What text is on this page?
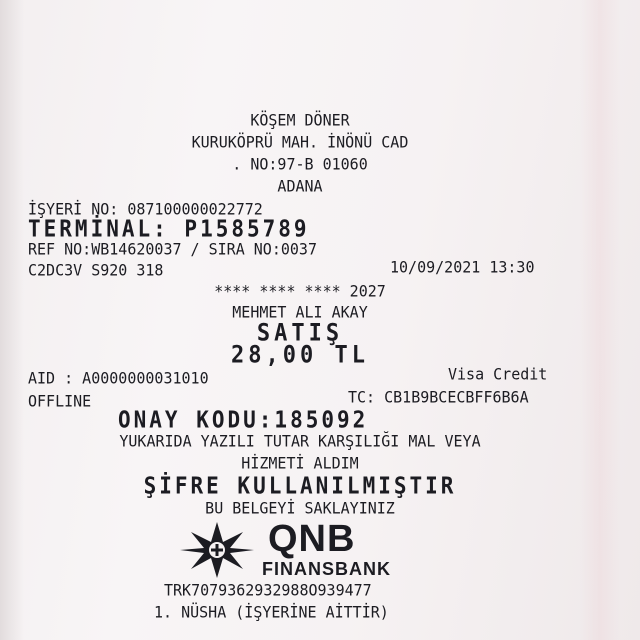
KÖŞEM DÖNER
KURUKÖPRÜ MAH. İNÖNÜ CAD
. NO:97-B 01060
ADANA
İŞYERİ NO: 087100000022772
TERMİNAL: P1585789
REF NO:WB14620037 / SIRA NO:0037
C2DC3V S920 318	10/09/2021 13:30
**** **** **** 2027
MEHMET ALI AKAY
SATIŞ
28,00 TL
AID : A0000000031010	Visa Credit
OFFLINE	TC: CB1B9BCECBFF6B6A
ONAY KODU:185092
YUKARIDA YAZILI TUTAR KARŞILIĞI MAL VEYA
HİZMETİ ALDIM
ŞİFRE KULLANILMIŞTIR
BU BELGEYİ SAKLAYINIZ
QNB
FINANSBANK
TRK7079362932988O939477
1. NÜSHA (İŞYERİNE AİTTİR)
